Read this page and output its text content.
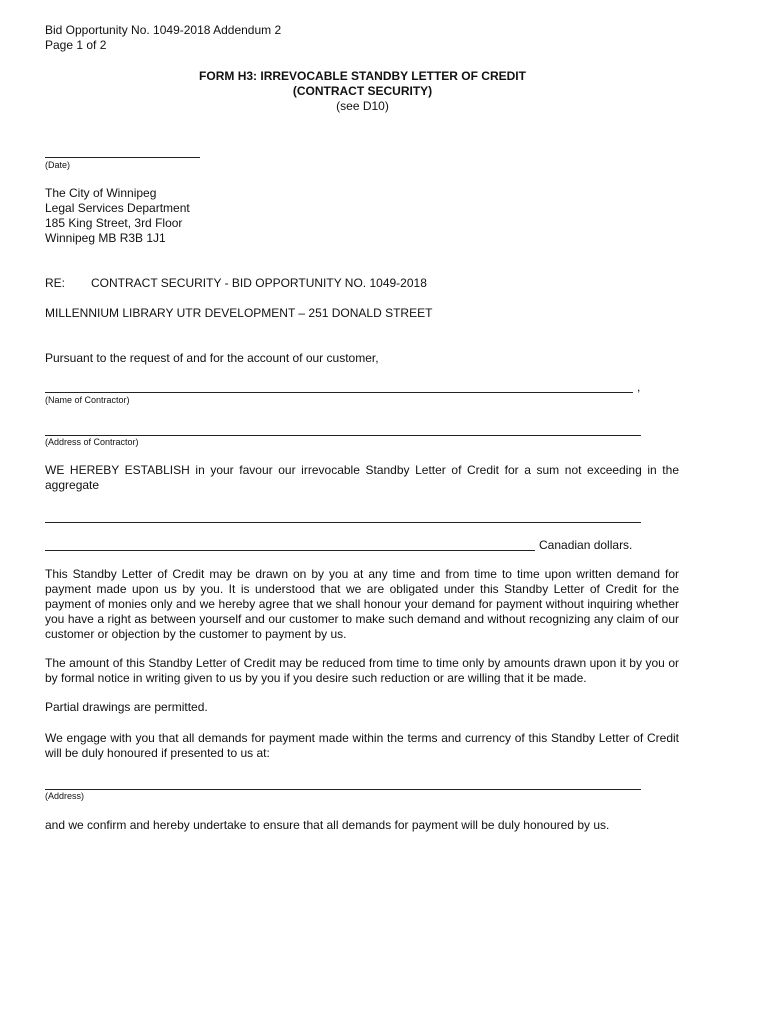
Bid Opportunity No. 1049-2018 Addendum 2
Page 1 of 2
FORM H3: IRREVOCABLE STANDBY LETTER OF CREDIT
(CONTRACT SECURITY)
(see D10)
(Date)
The City of Winnipeg
Legal Services Department
185 King Street, 3rd Floor
Winnipeg MB R3B 1J1
RE: CONTRACT SECURITY - BID OPPORTUNITY NO. 1049-2018
MILLENNIUM LIBRARY UTR DEVELOPMENT – 251 DONALD STREET
Pursuant to the request of and for the account of our customer,
,
(Name of Contractor)
(Address of Contractor)
WE HEREBY ESTABLISH in your favour our irrevocable Standby Letter of Credit for a sum not exceeding in the aggregate
Canadian dollars.
This Standby Letter of Credit may be drawn on by you at any time and from time to time upon written demand for payment made upon us by you. It is understood that we are obligated under this Standby Letter of Credit for the payment of monies only and we hereby agree that we shall honour your demand for payment without inquiring whether you have a right as between yourself and our customer to make such demand and without recognizing any claim of our customer or objection by the customer to payment by us.
The amount of this Standby Letter of Credit may be reduced from time to time only by amounts drawn upon it by you or by formal notice in writing given to us by you if you desire such reduction or are willing that it be made.
Partial drawings are permitted.
We engage with you that all demands for payment made within the terms and currency of this Standby Letter of Credit will be duly honoured if presented to us at:
(Address)
and we confirm and hereby undertake to ensure that all demands for payment will be duly honoured by us.
